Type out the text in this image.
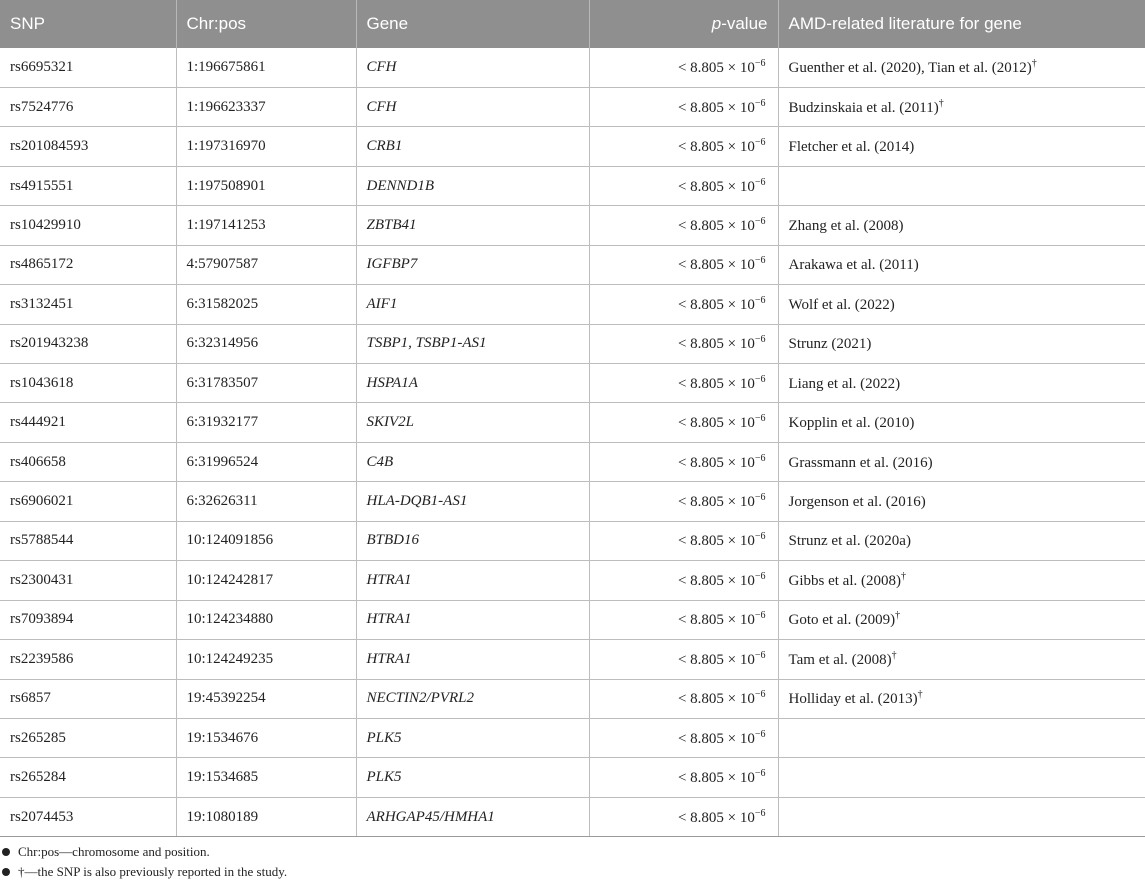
SNP	Chr:pos	Gene	p-value	AMD-related literature for gene
rs6695321	1:196675861	CFH	< $8.805 \times 10^{-6}$	Guenther et al. (2020), Tian et al. (2012)†
rs7524776	1:196623337	CFH	< $8.805 \times 10^{-6}$	Budzinskaia et al. (2011)†
rs201084593	1:197316970	CRB1	< $8.805 \times 10^{-6}$	Fletcher et al. (2014)
rs4915551	1:197508901	DENND1B	< $8.805 \times 10^{-6}$	
rs10429910	1:197141253	ZBTB41	< $8.805 \times 10^{-6}$	Zhang et al. (2008)
rs4865172	4:57907587	IGFBP7	< $8.805 \times 10^{-6}$	Arakawa et al. (2011)
rs3132451	6:31582025	AIF1	< $8.805 \times 10^{-6}$	Wolf et al. (2022)
rs201943238	6:32314956	TSBP1, TSBP1-AS1	< $8.805 \times 10^{-6}$	Strunz (2021)
rs1043618	6:31783507	HSPA1A	< $8.805 \times 10^{-6}$	Liang et al. (2022)
rs444921	6:31932177	SKIV2L	< $8.805 \times 10^{-6}$	Kopplin et al. (2010)
rs406658	6:31996524	C4B	< $8.805 \times 10^{-6}$	Grassmann et al. (2016)
rs6906021	6:32626311	HLA-DQB1-AS1	< $8.805 \times 10^{-6}$	Jorgenson et al. (2016)
rs5788544	10:124091856	BTBD16	< $8.805 \times 10^{-6}$	Strunz et al. (2020a)
rs2300431	10:124242817	HTRA1	< $8.805 \times 10^{-6}$	Gibbs et al. (2008)†
rs7093894	10:124234880	HTRA1	< $8.805 \times 10^{-6}$	Goto et al. (2009)†
rs2239586	10:124249235	HTRA1	< $8.805 \times 10^{-6}$	Tam et al. (2008)†
rs6857	19:45392254	NECTIN2/PVRL2	< $8.805 \times 10^{-6}$	Holliday et al. (2013)†
rs265285	19:1534676	PLK5	< $8.805 \times 10^{-6}$	
rs265284	19:1534685	PLK5	< $8.805 \times 10^{-6}$	
rs2074453	19:1080189	ARHGAP45/HMHA1	< $8.805 \times 10^{-6}$	
Chr:pos—chromosome and position.
†—the SNP is also previously reported in the study.
